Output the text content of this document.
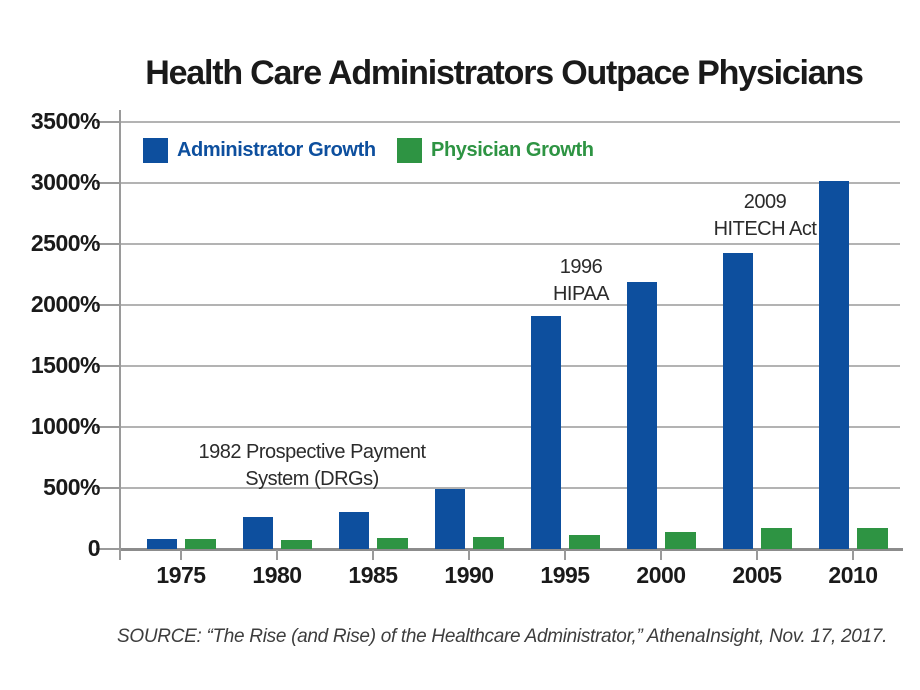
Health Care Administrators Outpace Physicians
Administrator Growth	Physician Growth
SOURCE: “The Rise (and Rise) of the Healthcare Administrator,” AthenaInsight, Nov. 17, 2017.
3500%
3000%
2500%
2000%
1500%
1000%
500%
0
1975	1980	1985	1990	1995	2000	2005	2010
1982 Prospective Payment
System (DRGs)
1996
HIPAA
2009
HITECH Act
